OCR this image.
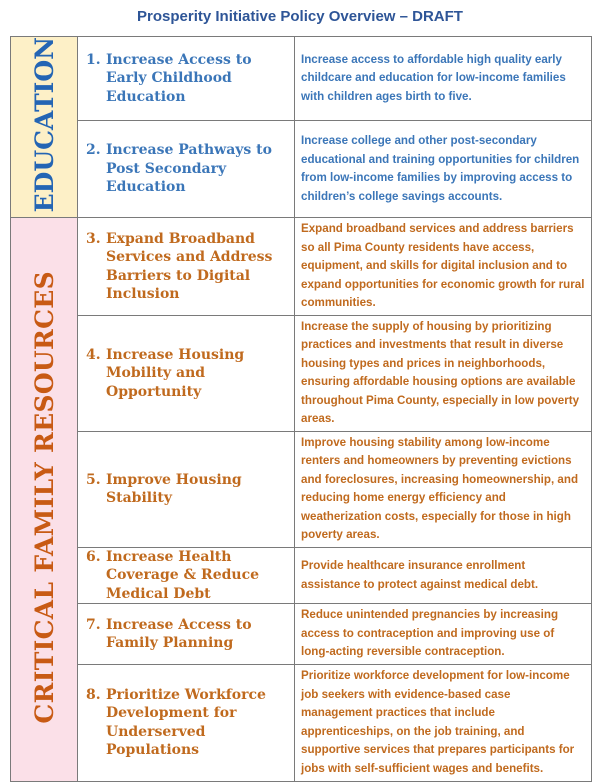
Prosperity Initiative Policy Overview – DRAFT
EDUCATION	1. Increase Access to Early Childhood Education	Increase access to affordable high quality early childcare and education for low-income families with children ages birth to five.

	2. Increase Pathways to Post Secondary Education	Increase college and other post-secondary educational and training opportunities for children from low-income families by improving access to children’s college savings accounts.

CRITICAL FAMILY RESOURCES	3. Expand Broadband Services and Address Barriers to Digital Inclusion	Expand broadband services and address barriers so all Pima County residents have access, equipment, and skills for digital inclusion and to expand opportunities for economic growth for rural communities.

	4. Increase Housing Mobility and Opportunity	Increase the supply of housing by prioritizing practices and investments that result in diverse housing types and prices in neighborhoods, ensuring affordable housing options are available throughout Pima County, especially in low poverty areas.

	5. Improve Housing Stability	Improve housing stability among low-income renters and homeowners by preventing evictions and foreclosures, increasing homeownership, and reducing home energy efficiency and weatherization costs, especially for those in high poverty areas.

	6. Increase Health Coverage & Reduce Medical Debt	Provide healthcare insurance enrollment assistance to protect against medical debt.

	7. Increase Access to Family Planning	Reduce unintended pregnancies by increasing access to contraception and improving use of long-acting reversible contraception.

	8. Prioritize Workforce Development for Underserved Populations	Prioritize workforce development for low-income job seekers with evidence-based case management practices that include apprenticeships, on the job training, and supportive services that prepares participants for jobs with self-sufficient wages and benefits.
